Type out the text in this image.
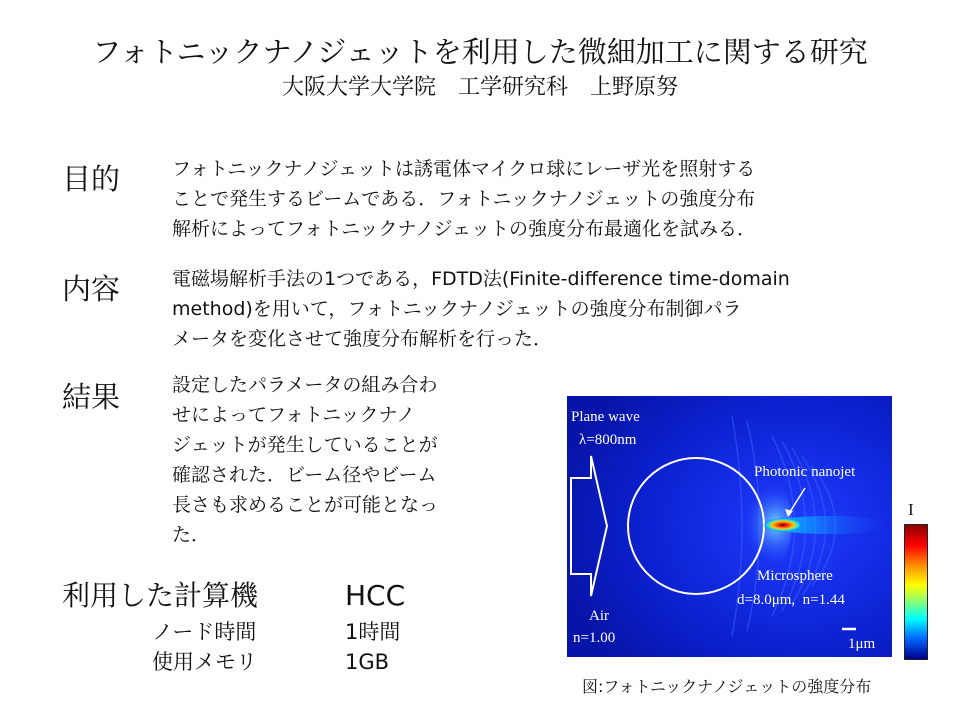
フォトニックナノジェットを利用した微細加工に関する研究
大阪大学大学院　工学研究科　上野原努
目的	フォトニックナノジェットは誘電体マイクロ球にレーザ光を照射する
ことで発生するビームである．フォトニックナノジェットの強度分布
解析によってフォトニックナノジェットの強度分布最適化を試みる．
内容	電磁場解析手法の1つである，FDTD法(Finite-difference time-domain
method)を用いて，フォトニックナノジェットの強度分布制御パラ
メータを変化させて強度分布解析を行った．
結果	設定したパラメータの組み合わ
せによってフォトニックナノ
ジェットが発生していることが
確認された．ビーム径やビーム
長さも求めることが可能となっ
た．
Plane wave
λ=800nm
Photonic nanojet
Microsphere
d=8.0μm,  n=1.44
Air
n=1.00	1μm
I
図:フォトニックナノジェットの強度分布
利用した計算機	HCC
ノード時間	1時間
使用メモリ	1GB
